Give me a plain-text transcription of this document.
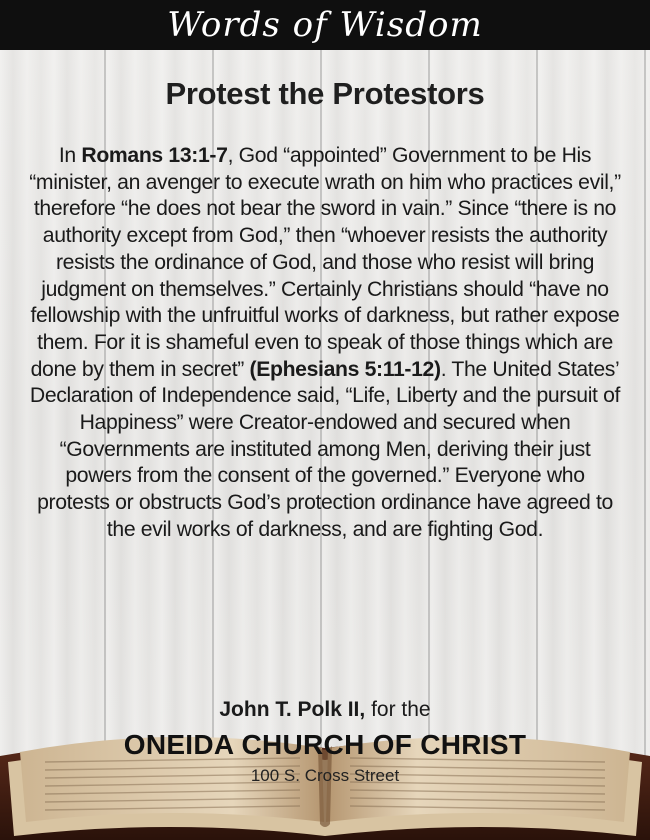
Words of Wisdom
Protest the Protestors
In Romans 13:1-7, God “appointed” Government to be His “minister, an avenger to execute wrath on him who practices evil,” therefore “he does not bear the sword in vain.” Since “there is no authority except from God,” then “whoever resists the authority resists the ordinance of God, and those who resist will bring judgment on themselves.” Certainly Christians should “have no fellowship with the unfruitful works of darkness, but rather expose them. For it is shameful even to speak of those things which are done by them in secret” (Ephesians 5:11-12). The United States’ Declaration of Independence said, “Life, Liberty and the pursuit of Happiness” were Creator-endowed and secured when “Governments are instituted among Men, deriving their just powers from the consent of the governed.” Everyone who protests or obstructs God’s protection ordinance have agreed to the evil works of darkness, and are fighting God.
John T. Polk II, for the
ONEIDA CHURCH OF CHRIST
100 S. Cross Street
